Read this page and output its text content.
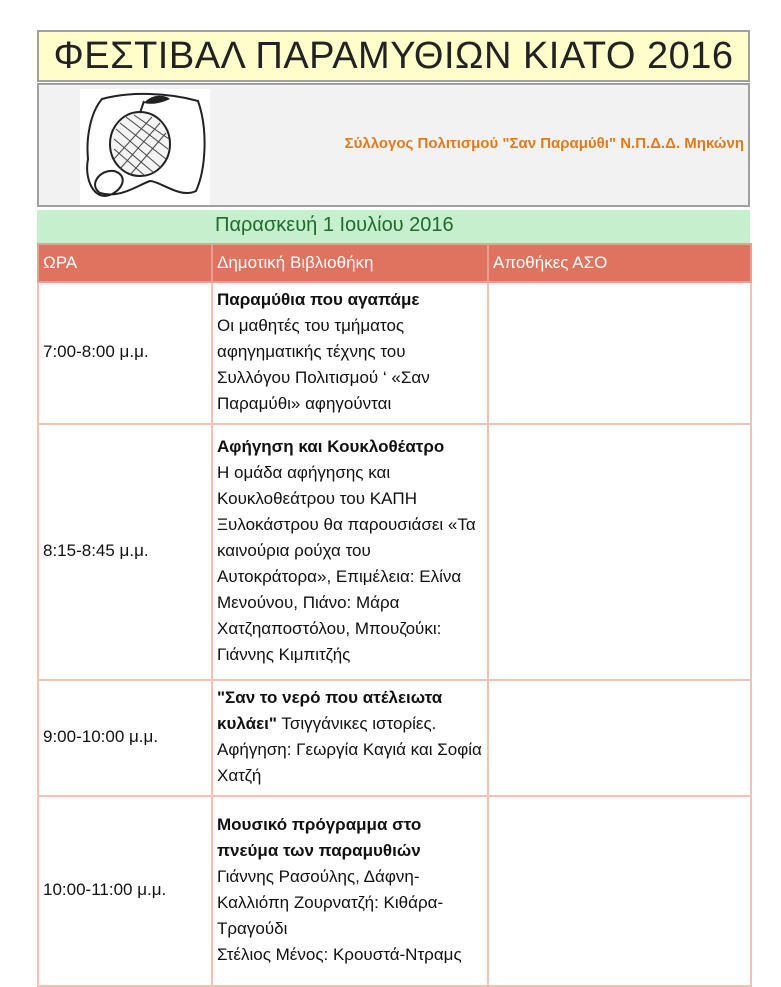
ΦΕΣΤΙΒΑΛ ΠΑΡΑΜΥΘΙΩΝ ΚΙΑΤΟ 2016
Σύλλογος Πολιτισμού "Σαν Παραμύθι" Ν.Π.Δ.Δ. Μηκώνη
Παρασκευή 1 Ιουλίου 2016
ΩΡΑ	Δημοτική Βιβλιοθήκη	Αποθήκες ΑΣΟ
7:00-8:00 μ.μ.	Παραμύθια που αγαπάμε
Οι μαθητές του τμήματος αφηγηματικής τέχνης του Συλλόγου Πολιτισμού ‘ «Σαν Παραμύθι» αφηγούνται	

8:15-8:45 μ.μ.	Αφήγηση και Κουκλοθέατρο
Η ομάδα αφήγησης και Κουκλοθεάτρου του ΚΑΠΗ Ξυλοκάστρου θα παρουσιάσει «Τα καινούρια ρούχα του Αυτοκράτορα», Επιμέλεια: Ελίνα Μενούνου, Πιάνο: Μάρα Χατζηαποστόλου, Μπουζούκι: Γιάννης Κιμπιτζής	

9:00-10:00 μ.μ.	"Σαν το νερό που ατέλειωτα κυλάει" Τσιγγάνικες ιστορίες. Αφήγηση: Γεωργία Καγιά και Σοφία Χατζή	
10:00-11:00 μ.μ.	Μουσικό πρόγραμμα στο πνεύμα των παραμυθιών
Γιάννης Ρασούλης, Δάφνη-Καλλιόπη Ζουρνατζή: Κιθάρα-Τραγούδι
Στέλιος Μένος: Κρουστά-Ντραμς	
